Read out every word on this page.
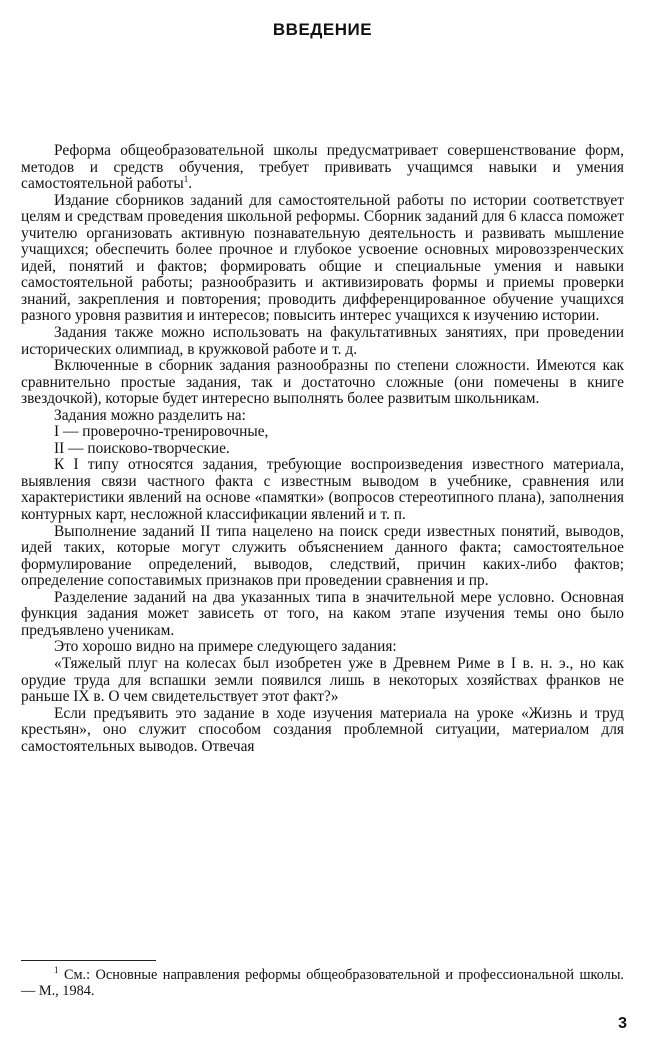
ВВЕДЕНИЕ

Реформа общеобразовательной школы предусматривает совершенствование форм, методов и средств обучения, требует прививать учащимся навыки и умения самостоятельной работы$^1$.

Издание сборников заданий для самостоятельной работы по истории соответствует целям и средствам проведения школьной реформы. Сборник заданий для 6 класса поможет учителю организовать активную познавательную деятельность и развивать мышление учащихся; обеспечить более прочное и глубокое усвоение основных мировоззренческих идей, понятий и фактов; формировать общие и специальные умения и навыки самостоятельной работы; разнообразить и активизировать формы и приемы проверки знаний, закрепления и повторения; проводить дифференцированное обучение учащихся разного уровня развития и интересов; повысить интерес учащихся к изучению истории.

Задания также можно использовать на факультативных занятиях, при проведении исторических олимпиад, в кружковой работе и т. д.

Включенные в сборник задания разнообразны по степени сложности. Имеются как сравнительно простые задания, так и достаточно сложные (они помечены в книге звездочкой), которые будет интересно выполнять более развитым школьникам.

Задания можно разделить на:

I — проверочно-тренировочные,

II — поисково-творческие.

К I типу относятся задания, требующие воспроизведения известного материала, выявления связи частного факта с известным выводом в учебнике, сравнения или характеристики явлений на основе «памятки» (вопросов стереотипного плана), заполнения контурных карт, несложной классификации явлений и т. п.

Выполнение заданий II типа нацелено на поиск среди известных понятий, выводов, идей таких, которые могут служить объяснением данного факта; самостоятельное формулирование определений, выводов, следствий, причин каких-либо фактов; определение сопоставимых признаков при проведении сравнения и пр.

Разделение заданий на два указанных типа в значительной мере условно. Основная функция задания может зависеть от того, на каком этапе изучения темы оно было предъявлено ученикам.

Это хорошо видно на примере следующего задания:

«Тяжелый плуг на колесах был изобретен уже в Древнем Риме в I в. н. э., но как орудие труда для вспашки земли появился лишь в некоторых хозяйствах франков не раньше IX в. О чем свидетельствует этот факт?»

Если предъявить это задание в ходе изучения материала на уроке «Жизнь и труд крестьян», оно служит способом создания проблемной ситуации, материалом для самостоятельных выводов. Отвечая

$^1$ См.: Основные направления реформы общеобразовательной и профессиональной школы. — М., 1984.

3
